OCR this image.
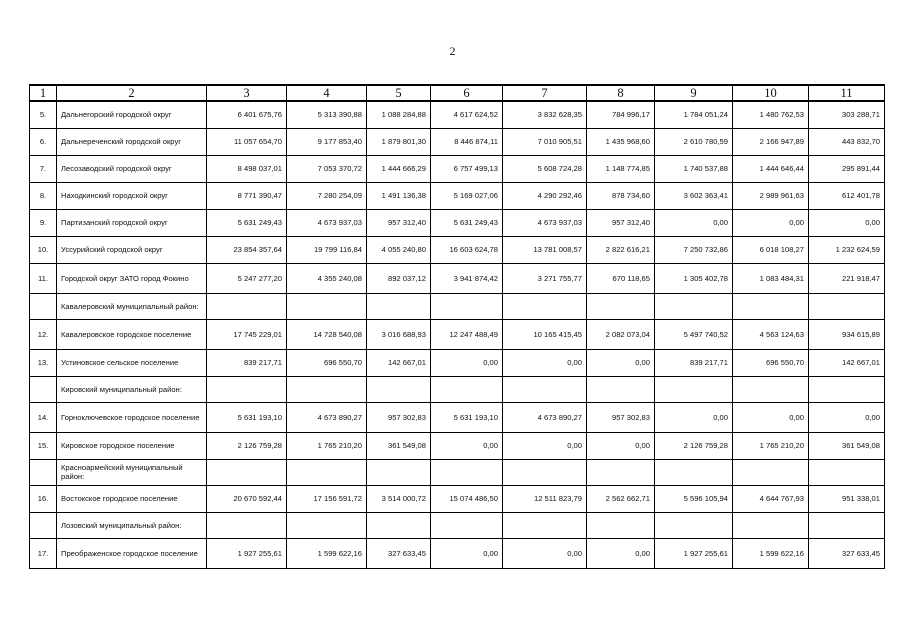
2
1	2	3	4	5	6	7	8	9	10	11
5.	Дальнегорский городской округ	6 401 675,76	5 313 390,88	1 088 284,88	4 617 624,52	3 832 628,35	784 996,17	1 784 051,24	1 480 762,53	303 288,71
6.	Дальнереченский городской округ	11 057 654,70	9 177 853,40	1 879 801,30	8 446 874,11	7 010 905,51	1 435 968,60	2 610 780,59	2 166 947,89	443 832,70
7.	Лесозаводский городской округ	8 498 037,01	7 053 370,72	1 444 666,29	6 757 499,13	5 608 724,28	1 148 774,85	1 740 537,88	1 444 646,44	295 891,44
8.	Находкинский городской округ	8 771 390,47	7 280 254,09	1 491 136,38	5 169 027,06	4 290 292,46	878 734,60	3 602 363,41	2 989 961,63	612 401,78
9.	Партизанский городской округ	5 631 249,43	4 673 937,03	957 312,40	5 631 249,43	4 673 937,03	957 312,40	0,00	0,00	0,00
10.	Уссурийский городской округ	23 854 357,64	19 799 116,84	4 055 240,80	16 603 624,78	13 781 008,57	2 822 616,21	7 250 732,86	6 018 108,27	1 232 624,59
11.	Городской округ ЗАТО город Фокино	5 247 277,20	4 355 240,08	892 037,12	3 941 874,42	3 271 755,77	670 118,65	1 305 402,78	1 083 484,31	221 918,47
	Кавалеровский муниципальный район:									
12.	Кавалеровское городское поселение	17 745 229,01	14 728 540,08	3 016 688,93	12 247 488,49	10 165 415,45	2 082 073,04	5 497 740,52	4 563 124,63	934 615,89
13.	Устиновское сельское поселение	839 217,71	696 550,70	142 667,01	0,00	0,00	0,00	839 217,71	696 550,70	142 667,01
	Кировский муниципальный район:									
14.	Горноключевское городское поселение	5 631 193,10	4 673 890,27	957 302,83	5 631 193,10	4 673 890,27	957 302,83	0,00	0,00	0,00
15.	Кировское городское поселение	2 126 759,28	1 765 210,20	361 549,08	0,00	0,00	0,00	2 126 759,28	1 765 210,20	361 549,08
	Красноармейский муниципальный район:									
16.	Востокское городское поселение	20 670 592,44	17 156 591,72	3 514 000,72	15 074 486,50	12 511 823,79	2 562 662,71	5 596 105,94	4 644 767,93	951 338,01
	Лозовский муниципальный район:									
17.	Преображенское городское поселение	1 927 255,61	1 599 622,16	327 633,45	0,00	0,00	0,00	1 927 255,61	1 599 622,16	327 633,45
